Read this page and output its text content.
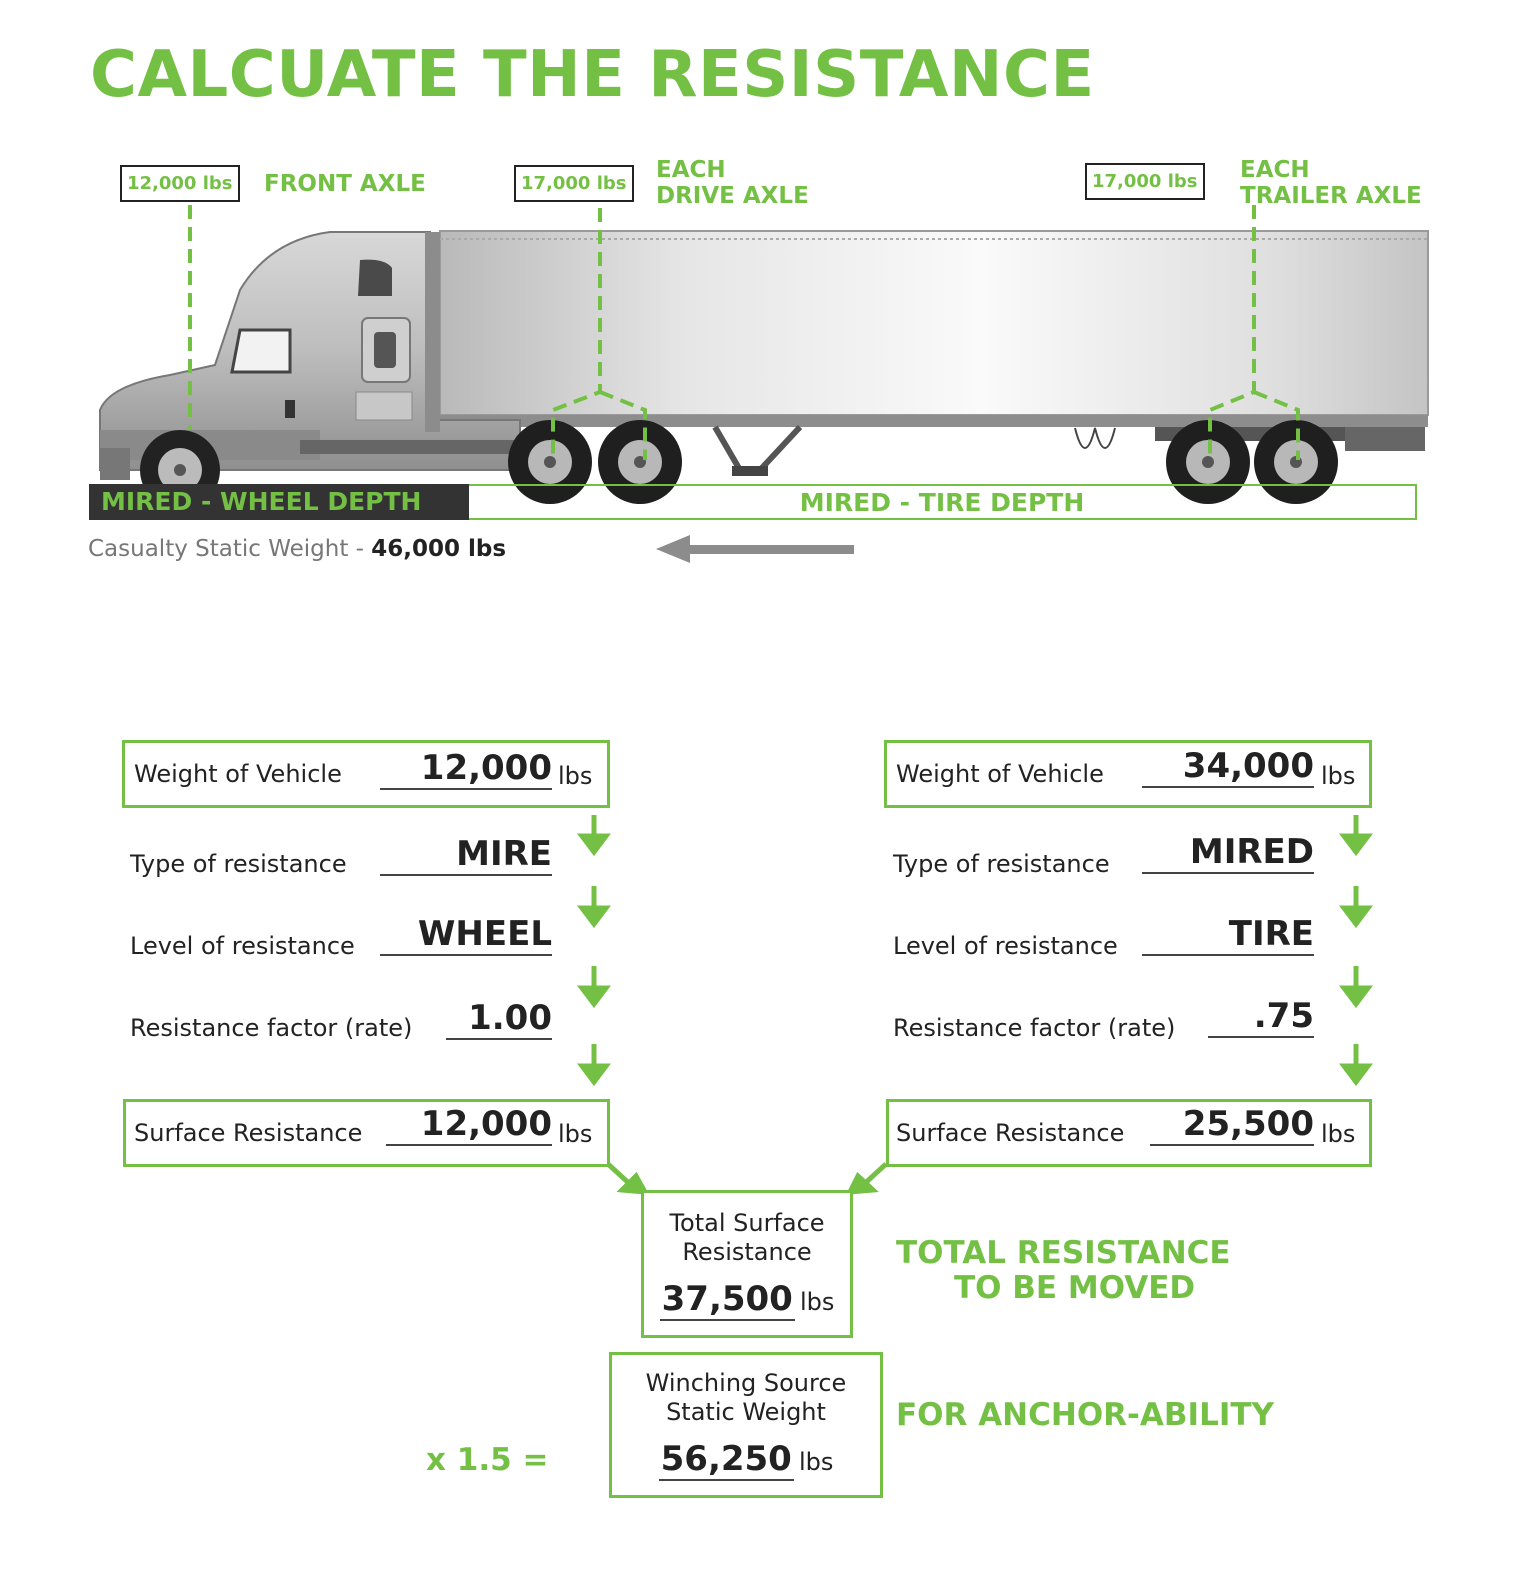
CALCUATE THE RESISTANCE
12,000 lbs	FRONT AXLE	17,000 lbs
EACH
DRIVE AXLE
17,000 lbs	EACH
TRAILER AXLE
MIRED - WHEEL DEPTH	MIRED - TIRE DEPTH
Casualty Static Weight - 46,000 lbs
Weight of Vehicle	12,000 lbs
Type of resistance	MIRE
Level of resistance	WHEEL
Resistance factor (rate)	1.00
Surface Resistance	12,000 lbs
Weight of Vehicle	34,000 lbs
Type of resistance	MIRED
Level of resistance	TIRE
Resistance factor (rate)	.75
Surface Resistance	25,500 lbs
Total Surface
Resistance
37,500 lbs
TOTAL RESISTANCE
TO BE MOVED
Winching Source
Static Weight
56,250 lbs
x 1.5 =
FOR ANCHOR-ABILITY
